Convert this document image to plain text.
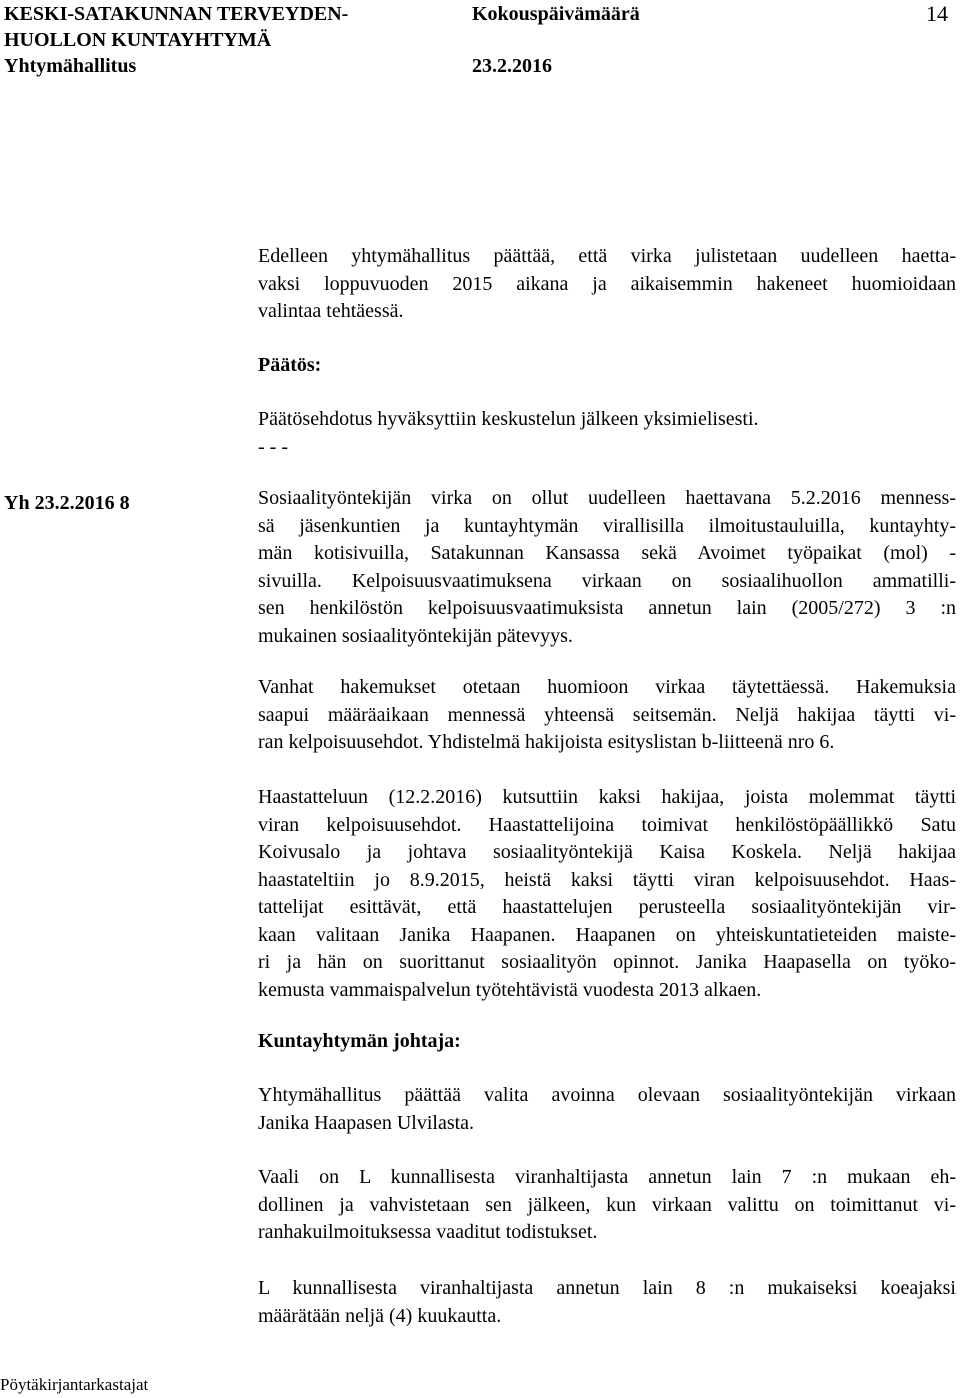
KESKI-SATAKUNNAN TERVEYDEN-
HUOLLON KUNTAYHTYMÄ
Yhtymähallitus
Kokouspäivämäärä
23.2.2016
14
Edelleen yhtymähallitus päättää, että virka julistetaan uudelleen haetta-
vaksi loppuvuoden 2015 aikana ja aikaisemmin hakeneet huomioidaan
valintaa tehtäessä.
Päätös:
Päätösehdotus hyväksyttiin keskustelun jälkeen yksimielisesti.
- - -
Yh 23.2.2016 8	Sosiaalityöntekijän virka on ollut uudelleen haettavana 5.2.2016 menness-
sä jäsenkuntien ja kuntayhtymän virallisilla ilmoitustauluilla, kuntayhty-
män kotisivuilla, Satakunnan Kansassa sekä Avoimet työpaikat (mol) -
sivuilla. Kelpoisuusvaatimuksena virkaan on sosiaalihuollon ammatilli-
sen henkilöstön kelpoisuusvaatimuksista annetun lain (2005/272) 3 :n
mukainen sosiaalityöntekijän pätevyys.
Vanhat hakemukset otetaan huomioon virkaa täytettäessä. Hakemuksia
saapui määräaikaan mennessä yhteensä seitsemän. Neljä hakijaa täytti vi-
ran kelpoisuusehdot. Yhdistelmä hakijoista esityslistan b-liitteenä nro 6.
Haastatteluun (12.2.2016) kutsuttiin kaksi hakijaa, joista molemmat täytti
viran kelpoisuusehdot. Haastattelijoina toimivat henkilöstöpäällikkö Satu
Koivusalo ja johtava sosiaalityöntekijä Kaisa Koskela. Neljä hakijaa
haastateltiin jo 8.9.2015, heistä kaksi täytti viran kelpoisuusehdot. Haas-
tattelijat esittävät, että haastattelujen perusteella sosiaalityöntekijän vir-
kaan valitaan Janika Haapanen. Haapanen on yhteiskuntatieteiden maiste-
ri ja hän on suorittanut sosiaalityön opinnot. Janika Haapasella on työko-
kemusta vammaispalvelun työtehtävistä vuodesta 2013 alkaen.
Kuntayhtymän johtaja:
Yhtymähallitus päättää valita avoinna olevaan sosiaalityöntekijän virkaan
Janika Haapasen Ulvilasta.
Vaali on L kunnallisesta viranhaltijasta annetun lain 7 :n mukaan eh-
dollinen ja vahvistetaan sen jälkeen, kun virkaan valittu on toimittanut vi-
ranhakuilmoituksessa vaaditut todistukset.
L kunnallisesta viranhaltijasta annetun lain 8 :n mukaiseksi koeajaksi
määrätään neljä (4) kuukautta.
Pöytäkirjantarkastajat
